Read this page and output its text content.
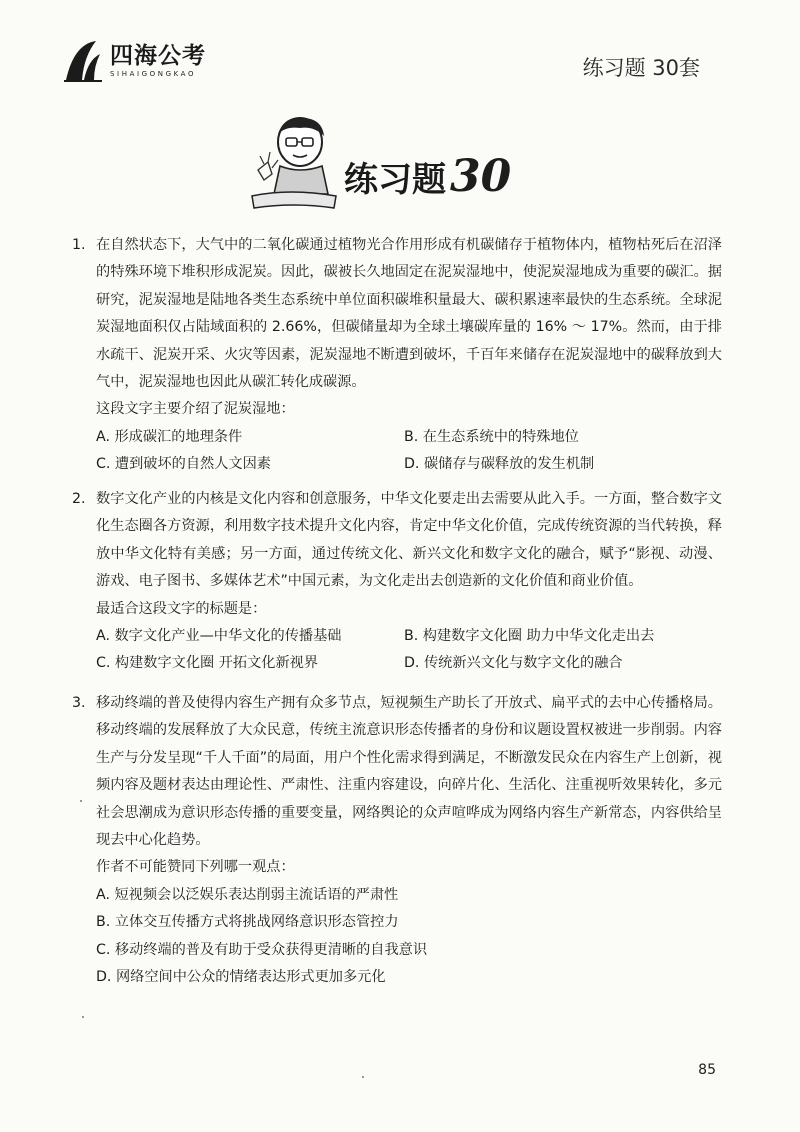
四海公考
SIHAIGONGKAO	练习题 30套
练习题 30
1. 在自然状态下，大气中的二氧化碳通过植物光合作用形成有机碳储存于植物体内，植物枯死后在沼泽的特殊环境下堆积形成泥炭。因此，碳被长久地固定在泥炭湿地中，使泥炭湿地成为重要的碳汇。据研究，泥炭湿地是陆地各类生态系统中单位面积碳堆积量最大、碳积累速率最快的生态系统。全球泥炭湿地面积仅占陆域面积的 2.66%，但碳储量却为全球土壤碳库量的 16% ～ 17%。然而，由于排水疏干、泥炭开采、火灾等因素，泥炭湿地不断遭到破坏，千百年来储存在泥炭湿地中的碳释放到大气中，泥炭湿地也因此从碳汇转化成碳源。
这段文字主要介绍了泥炭湿地：
A. 形成碳汇的地理条件	B. 在生态系统中的特殊地位
C. 遭到破坏的自然人文因素	D. 碳储存与碳释放的发生机制
2. 数字文化产业的内核是文化内容和创意服务，中华文化要走出去需要从此入手。一方面，整合数字文化生态圈各方资源，利用数字技术提升文化内容，肯定中华文化价值，完成传统资源的当代转换，释放中华文化特有美感；另一方面，通过传统文化、新兴文化和数字文化的融合，赋予“影视、动漫、游戏、电子图书、多媒体艺术”中国元素，为文化走出去创造新的文化价值和商业价值。
最适合这段文字的标题是：
A. 数字文化产业—中华文化的传播基础	B. 构建数字文化圈 助力中华文化走出去
C. 构建数字文化圈 开拓文化新视界	D. 传统新兴文化与数字文化的融合
3. 移动终端的普及使得内容生产拥有众多节点，短视频生产助长了开放式、扁平式的去中心传播格局。移动终端的发展释放了大众民意，传统主流意识形态传播者的身份和议题设置权被进一步削弱。内容生产与分发呈现“千人千面”的局面，用户个性化需求得到满足，不断激发民众在内容生产上创新，视频内容及题材表达由理论性、严肃性、注重内容建设，向碎片化、生活化、注重视听效果转化，多元社会思潮成为意识形态传播的重要变量，网络舆论的众声喧哗成为网络内容生产新常态，内容供给呈现去中心化趋势。
作者不可能赞同下列哪一观点：
A. 短视频会以泛娱乐表达削弱主流话语的严肃性
B. 立体交互传播方式将挑战网络意识形态管控力
C. 移动终端的普及有助于受众获得更清晰的自我意识
D. 网络空间中公众的情绪表达形式更加多元化
85
